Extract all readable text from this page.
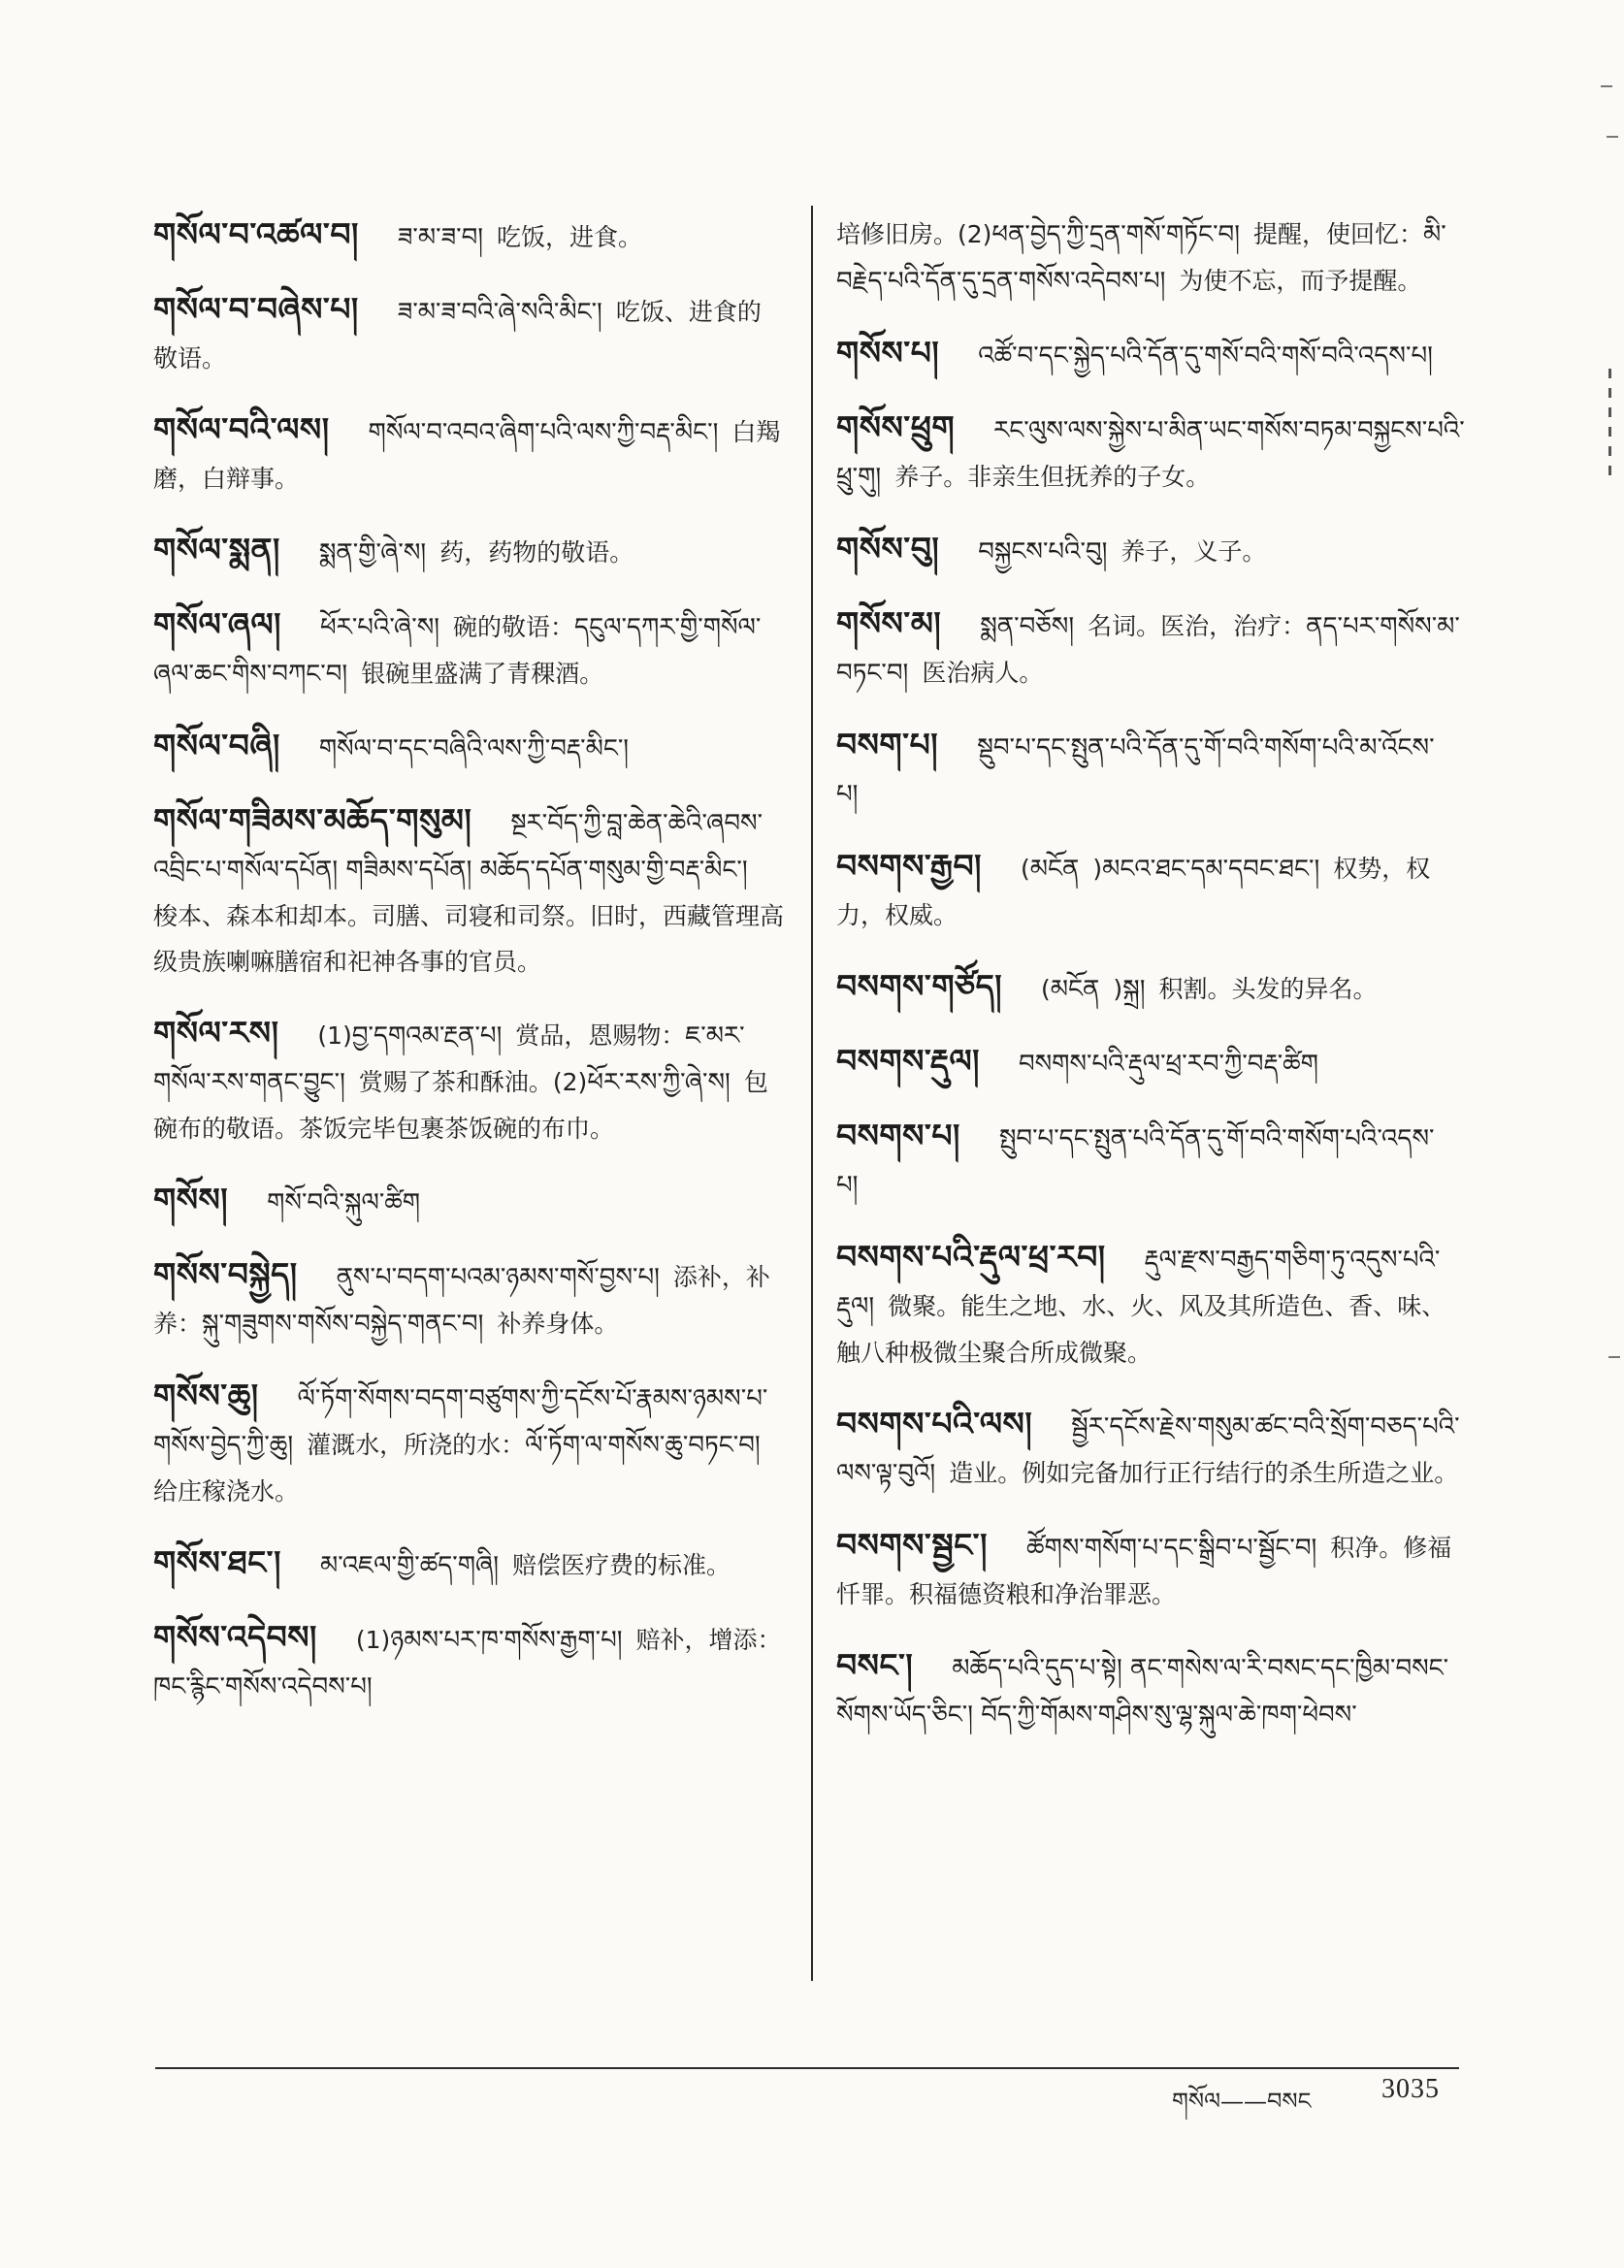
གསོལ་བ་འཚལ་བ། ཟ་མ་ཟ་བ། 吃饭，进食。
གསོལ་བ་བཞེས་པ། ཟ་མ་ཟ་བའི་ཞེ་སའི་མིང་། 吃饭、进食的敬语。
གསོལ་བའི་ལས། གསོལ་བ་འབའ་ཞིག་པའི་ལས་ཀྱི་བརྡ་མིང་། 白羯磨，白辩事。
གསོལ་སྨན། སྨན་གྱི་ཞེ་ས། 药，药物的敬语。
གསོལ་ཞལ། ཕོར་པའི་ཞེ་ས། 碗的敬语：དངུལ་དཀར་གྱི་གསོལ་ཞལ་ཆང་གིས་བཀང་བ། 银碗里盛满了青稞酒。
གསོལ་བཞི། གསོལ་བ་དང་བཞིའི་ལས་ཀྱི་བརྡ་མིང་།
གསོལ་གཟིམས་མཆོད་གསུམ། སྔར་བོད་ཀྱི་བླ་ཆེན་ཆེའི་ཞབས་འབྲིང་པ་གསོལ་དཔོན། གཟིམས་དཔོན། མཆོད་དཔོན་གསུམ་གྱི་བརྡ་མིང་།梭本、森本和却本。司膳、司寝和司祭。旧时，西藏管理高级贵族喇嘛膳宿和祀神各事的官员。
གསོལ་རས། (1)བྱ་དགའམ་རྔན་པ། 赏品，恩赐物：ཇ་མར་གསོལ་རས་གནང་བྱུང་། 赏赐了茶和酥油。(2)ཕོར་རས་ཀྱི་ཞེ་ས། 包碗布的敬语。茶饭完毕包裹茶饭碗的布巾。
གསོས། གསོ་བའི་སྐུལ་ཚིག
གསོས་བསྐྱེད། ནུས་པ་བདག་པའམ་ཉམས་གསོ་བྱས་པ། 添补，补养：སྐུ་གཟུགས་གསོས་བསྐྱེད་གནང་བ། 补养身体。
གསོས་ཆུ། ལོ་ཏོག་སོགས་བདག་བཙུགས་ཀྱི་དངོས་པོ་རྣམས་ཉམས་པ་གསོས་བྱེད་ཀྱི་ཆུ། 灌溉水，所浇的水：ལོ་ཏོག་ལ་གསོས་ཆུ་བཏང་བ།给庄稼浇水。
གསོས་ཐང་། མ་འཇལ་གྱི་ཚད་གཞི། 赔偿医疗费的标准。
གསོས་འདེབས། (1)ཉམས་པར་ཁ་གསོས་རྒྱག་པ། 赔补，增添：ཁང་རྙིང་གསོས་འདེབས་པ།
培修旧房。(2)ཕན་བྱེད་ཀྱི་དྲན་གསོ་གཏོང་བ། 提醒，使回忆：མི་བརྗེད་པའི་དོན་དུ་དྲན་གསོས་འདེབས་པ། 为使不忘，而予提醒。
གསོས་པ། འཚོ་བ་དང་སྐྱེད་པའི་དོན་དུ་གསོ་བའི་གསོ་བའི་འདས་པ།
གསོས་ཕྲུག རང་ལུས་ལས་སྐྱེས་པ་མིན་ཡང་གསོས་བཏམ་བསྐྱངས་པའི་ཕྲུ་གུ། 养子。非亲生但抚养的子女。
གསོས་བུ། བསྐྱངས་པའི་བུ། 养子，义子。
གསོས་མ། སྨན་བཅོས། 名词。医治，治疗：ནད་པར་གསོས་མ་བཏང་བ། 医治病人。
བསག་པ། སྡུབ་པ་དང་སྤུན་པའི་དོན་དུ་གོ་བའི་གསོག་པའི་མ་འོངས་པ།
བསགས་རྒྱབ། (མངོན )མངའ་ཐང་དམ་དབང་ཐང་། 权势，权力，权威。
བསགས་གཙོད། (མངོན )སྐྲ། 积割。头发的异名。
བསགས་རྡུལ། བསགས་པའི་རྡུལ་ཕྲ་རབ་ཀྱི་བརྡ་ཚིག
བསགས་པ། སྤུབ་པ་དང་སྤུན་པའི་དོན་དུ་གོ་བའི་གསོག་པའི་འདས་པ།
བསགས་པའི་རྡུལ་ཕྲ་རབ། རྡུལ་རྫས་བརྒྱད་གཅིག་ཏུ་འདུས་པའི་རྡུལ། 微聚。能生之地、水、火、风及其所造色、香、味、触八种极微尘聚合所成微聚。
བསགས་པའི་ལས། སྦྱོར་དངོས་རྗེས་གསུམ་ཚང་བའི་སྲོག་བཅད་པའི་ལས་ལྟ་བུའོ། 造业。例如完备加行正行结行的杀生所造之业。
བསགས་སྦྱང་། ཚོགས་གསོག་པ་དང་སྒྲིབ་པ་སྦྱོང་བ། 积净。修福忏罪。积福德资粮和净治罪恶。
བསང་། མཆོད་པའི་དུད་པ་སྟེ། ནང་གསེས་ལ་རི་བསང་དང་ཁྱིམ་བསང་སོགས་ཡོད་ཅིང་། བོད་ཀྱི་གོམས་གཤིས་སུ་ལྷ་སྐུལ་ཆེ་ཁག་ཕེབས་
གསོལ——བསང	3035
